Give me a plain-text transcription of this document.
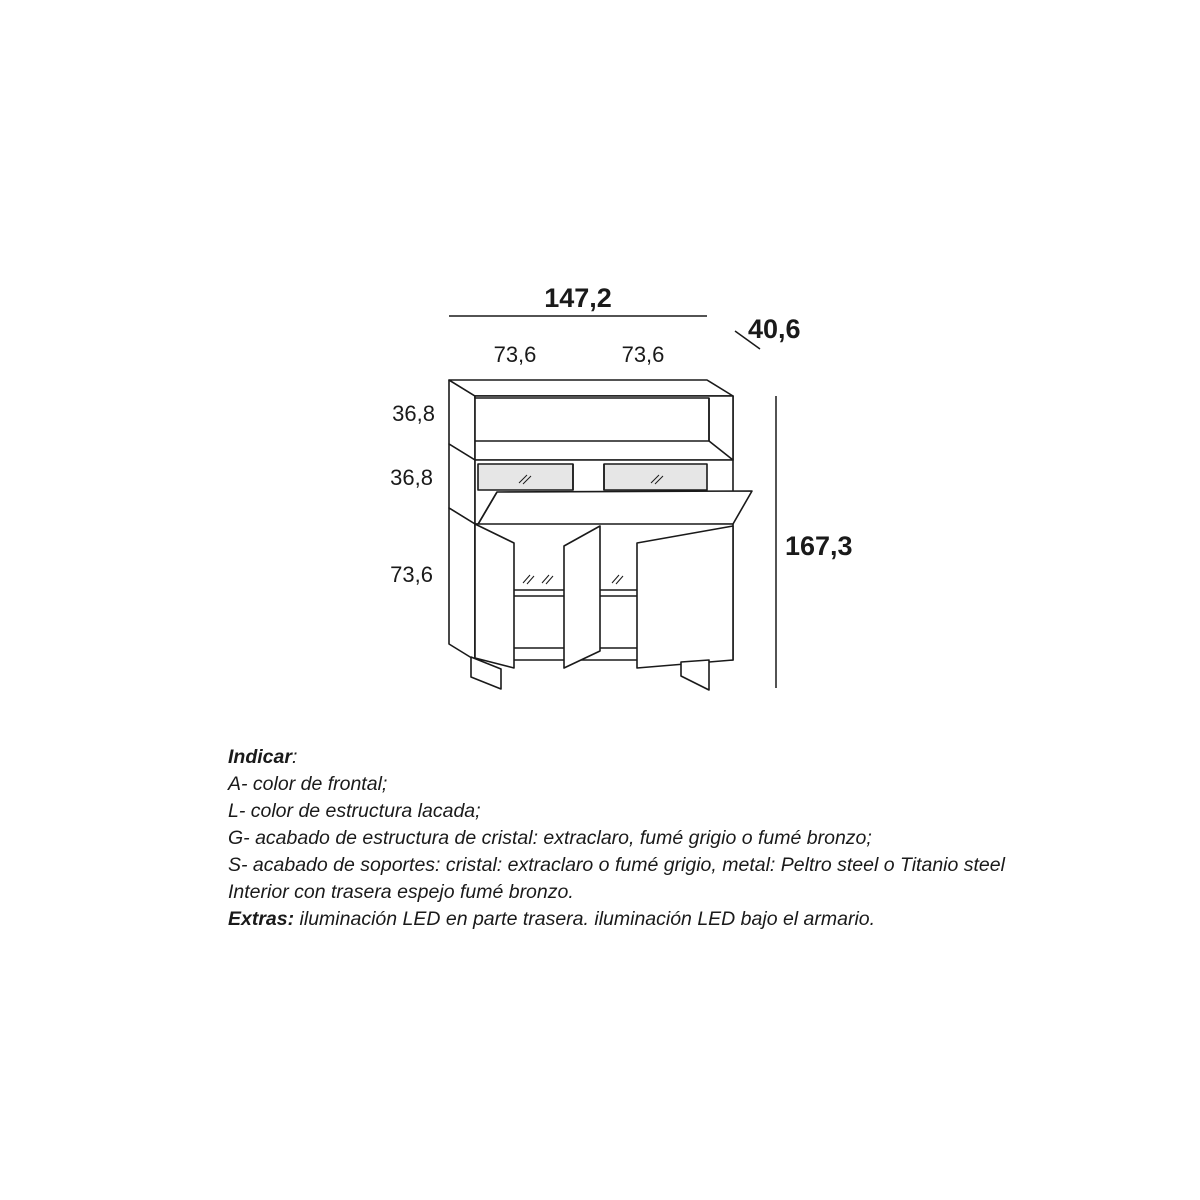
147,2
40,6
73,6	73,6
167,3
36,8
36,8
73,6

Indicar:

A- color de frontal;

L- color de estructura lacada;

G- acabado de estructura de cristal: extraclaro, fumé grigio o fumé bronzo;

S- acabado de soportes: cristal: extraclaro o fumé grigio, metal: Peltro steel o Titanio steel

Interior con trasera espejo fumé bronzo.

Extras: iluminación LED en parte trasera. iluminación LED bajo el armario.
